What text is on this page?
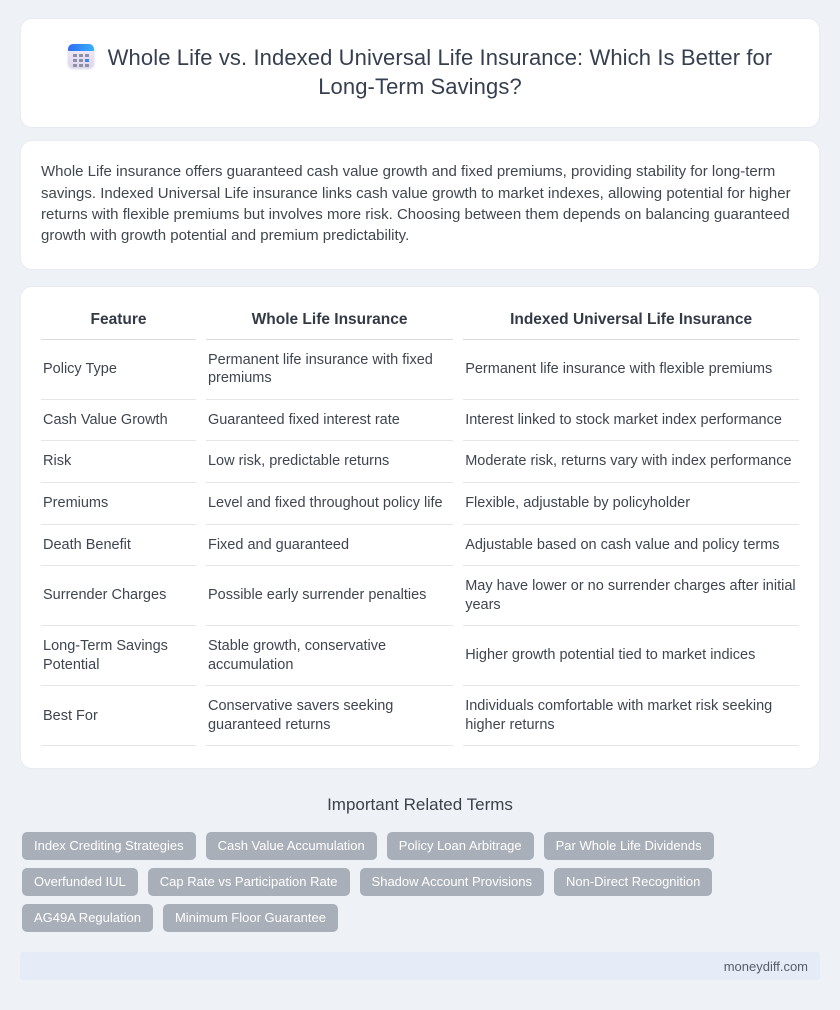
Whole Life vs. Indexed Universal Life Insurance: Which Is Better for Long-Term Savings?

Whole Life insurance offers guaranteed cash value growth and fixed premiums, providing stability for long-term savings. Indexed Universal Life insurance links cash value growth to market indexes, allowing potential for higher returns with flexible premiums but involves more risk. Choosing between them depends on balancing guaranteed growth with growth potential and premium predictability.

Feature	Whole Life Insurance	Indexed Universal Life Insurance
Policy Type	Permanent life insurance with fixed premiums	Permanent life insurance with flexible premiums
Cash Value Growth	Guaranteed fixed interest rate	Interest linked to stock market index performance
Risk	Low risk, predictable returns	Moderate risk, returns vary with index performance
Premiums	Level and fixed throughout policy life	Flexible, adjustable by policyholder
Death Benefit	Fixed and guaranteed	Adjustable based on cash value and policy terms
Surrender Charges	Possible early surrender penalties	May have lower or no surrender charges after initial years
Long-Term Savings Potential	Stable growth, conservative accumulation	Higher growth potential tied to market indices
Best For	Conservative savers seeking guaranteed returns	Individuals comfortable with market risk seeking higher returns
Important Related Terms
Index Crediting Strategies	Cash Value Accumulation	Policy Loan Arbitrage	Par Whole Life Dividends
Overfunded IUL	Cap Rate vs Participation Rate	Shadow Account Provisions	Non-Direct Recognition
AG49A Regulation	Minimum Floor Guarantee
moneydiff.com
